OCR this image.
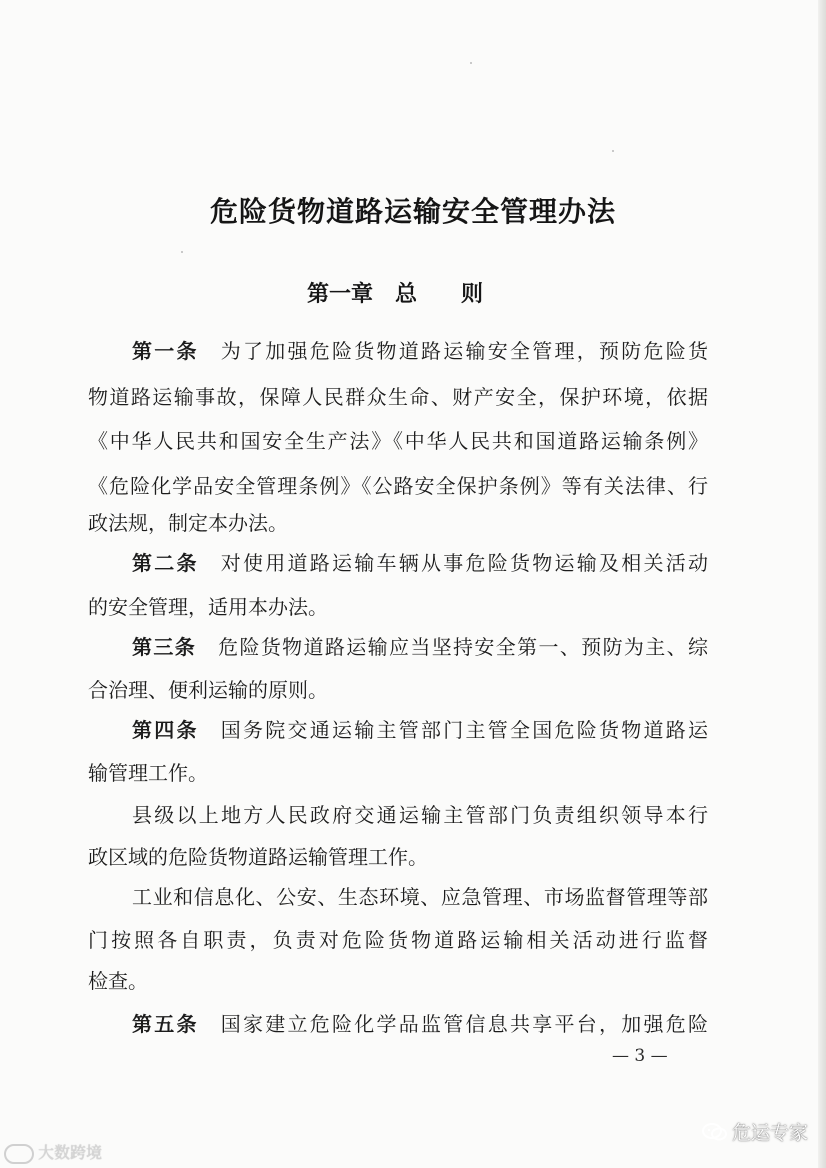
危险货物道路运输安全管理办法
第一章　总　　则
第一条 为了加强危险货物道路运输安全管理，预防危险货
物道路运输事故，保障人民群众生命、财产安全，保护环境，依据
《中华人民共和国安全生产法》《中华人民共和国道路运输条例》
《危险化学品安全管理条例》《公路安全保护条例》等有关法律、行
政法规，制定本办法。
第二条 对使用道路运输车辆从事危险货物运输及相关活动
的安全管理，适用本办法。
第三条 危险货物道路运输应当坚持安全第一、预防为主、综
合治理、便利运输的原则。
第四条 国务院交通运输主管部门主管全国危险货物道路运
输管理工作。
县级以上地方人民政府交通运输主管部门负责组织领导本行
政区域的危险货物道路运输管理工作。
工业和信息化、公安、生态环境、应急管理、市场监督管理等部
门按照各自职责，负责对危险货物道路运输相关活动进行监督
检查。
第五条 国家建立危险化学品监管信息共享平台，加强危险
— 3 —
大数跨境
危运专家
